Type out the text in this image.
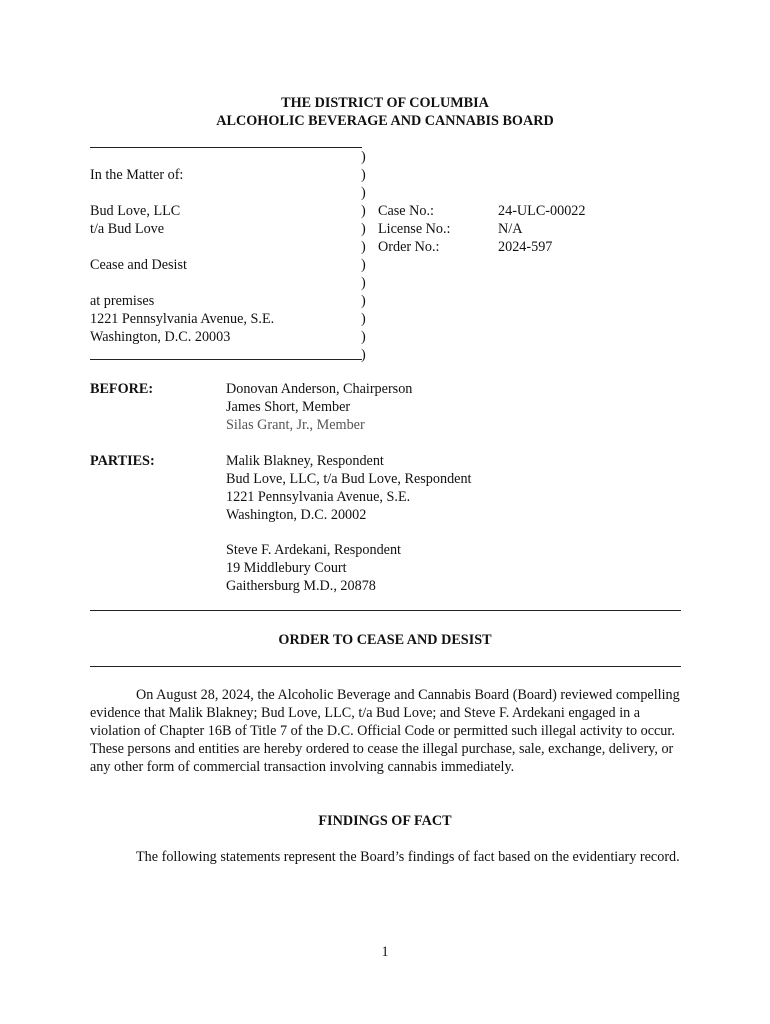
THE DISTRICT OF COLUMBIA
ALCOHOLIC BEVERAGE AND CANNABIS BOARD
)
)
)
)
)
)
)
)
)
)
)
)
In the Matter of:
Bud Love, LLC
t/a Bud Love
Cease and Desist
at premises
1221 Pennsylvania Avenue, S.E.
Washington, D.C. 20003
Case No.:	24-ULC-00022
License No.:	N/A
Order No.:	2024-597
BEFORE:	Donovan Anderson, Chairperson
James Short, Member
Silas Grant, Jr., Member
PARTIES:	Malik Blakney, Respondent
Bud Love, LLC, t/a Bud Love, Respondent
1221 Pennsylvania Avenue, S.E.
Washington, D.C. 20002
Steve F. Ardekani, Respondent
19 Middlebury Court
Gaithersburg M.D., 20878
ORDER TO CEASE AND DESIST
On August 28, 2024, the Alcoholic Beverage and Cannabis Board (Board) reviewed compelling evidence that Malik Blakney; Bud Love, LLC, t/a Bud Love; and Steve F. Ardekani engaged in a violation of Chapter 16B of Title 7 of the D.C. Official Code or permitted such illegal activity to occur. These persons and entities are hereby ordered to cease the illegal purchase, sale, exchange, delivery, or any other form of commercial transaction involving cannabis immediately.
FINDINGS OF FACT
The following statements represent the Board’s findings of fact based on the evidentiary record.
1
